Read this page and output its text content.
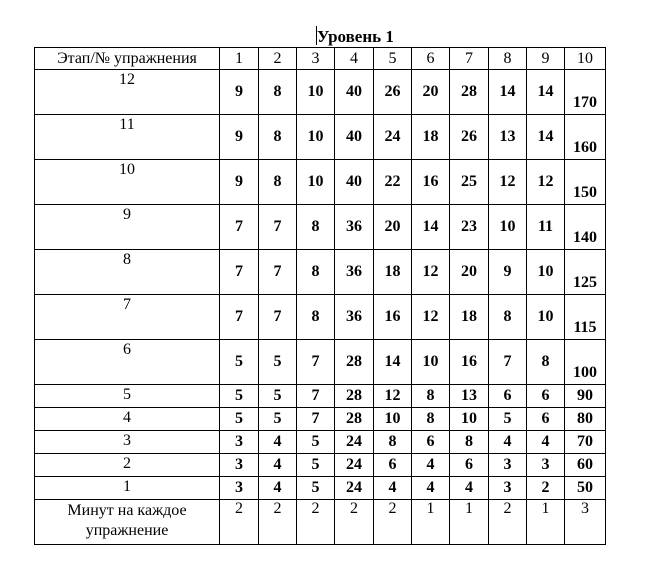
Уровень 1
Этап/№ упражнения	1	2	3	4	5	6	7	8	9	10
12	9	8	10	40	26	20	28	14	14	170
11	9	8	10	40	24	18	26	13	14	160
10	9	8	10	40	22	16	25	12	12	150
9	7	7	8	36	20	14	23	10	11	140
8	7	7	8	36	18	12	20	9	10	125
7	7	7	8	36	16	12	18	8	10	115
6	5	5	7	28	14	10	16	7	8	100
5	5	5	7	28	12	8	13	6	6	90
4	5	5	7	28	10	8	10	5	6	80
3	3	4	5	24	8	6	8	4	4	70
2	3	4	5	24	6	4	6	3	3	60
1	3	4	5	24	4	4	4	3	2	50
Минут на каждое упражнение	2	2	2	2	2	1	1	2	1	3
